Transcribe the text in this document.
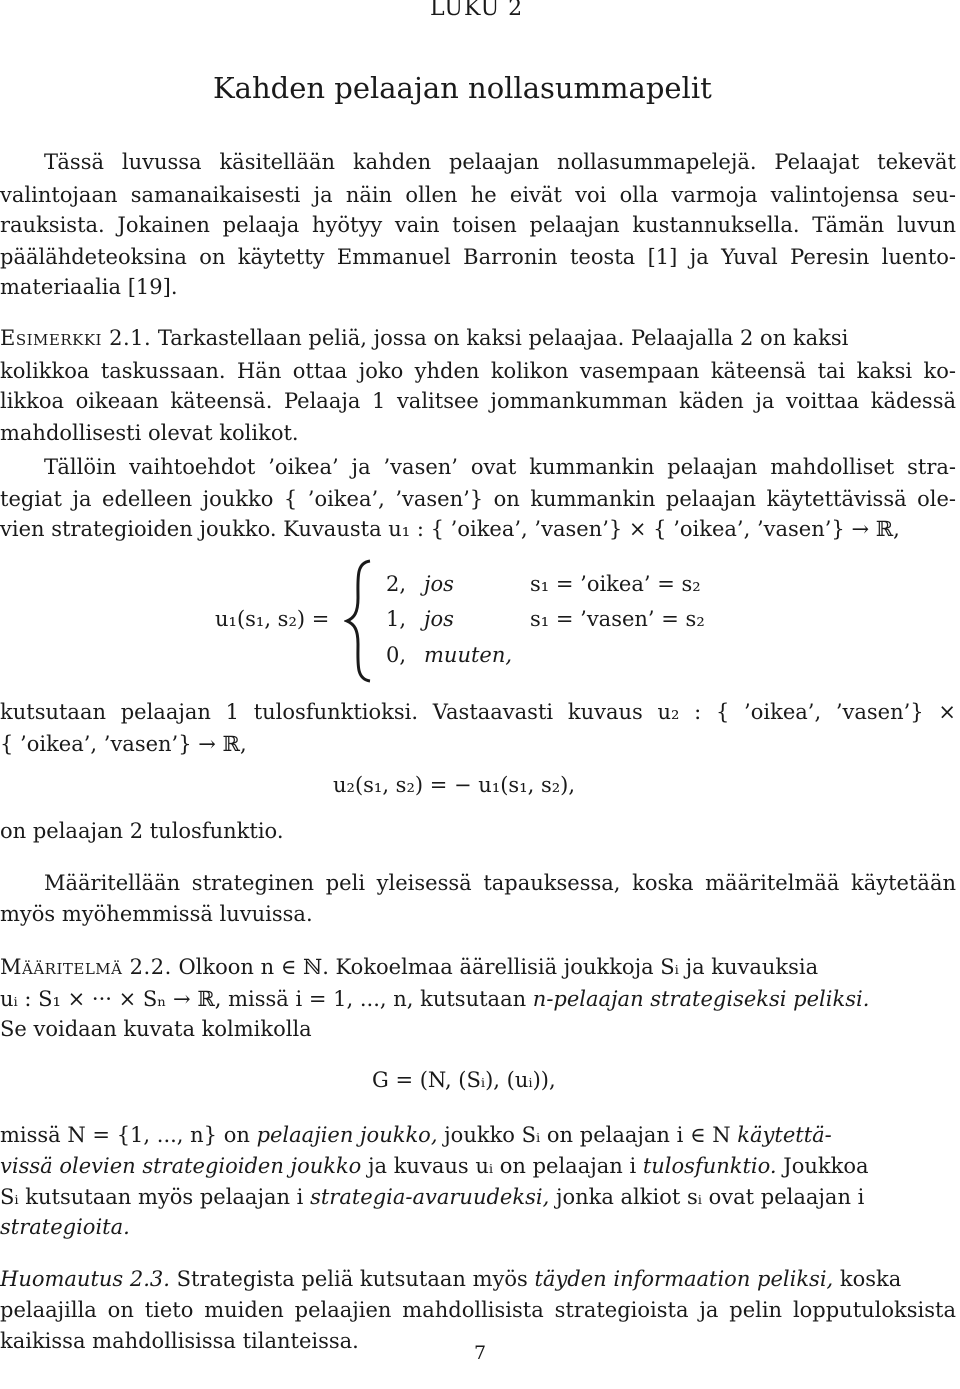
LUKU 2
Kahden pelaajan nollasummapelit
Tässä luvussa käsitellään kahden pelaajan nollasummapelejä. Pelaajat tekevät
valintojaan samanaikaisesti ja näin ollen he eivät voi olla varmoja valintojensa seu-
rauksista. Jokainen pelaaja hyötyy vain toisen pelaajan kustannuksella. Tämän luvun
päälähdeteoksina on käytetty Emmanuel Barronin teosta [1] ja Yuval Peresin luento-
materiaalia [19].
Esimerkki 2.1. Tarkastellaan peliä, jossa on kaksi pelaajaa. Pelaajalla 2 on kaksi
kolikkoa taskussaan. Hän ottaa joko yhden kolikon vasempaan käteensä tai kaksi ko-
likkoa oikeaan käteensä. Pelaaja 1 valitsee jommankumman käden ja voittaa kädessä
mahdollisesti olevat kolikot.
Tällöin vaihtoehdot ’oikea’ ja ’vasen’ ovat kummankin pelaajan mahdolliset stra-
tegiat ja edelleen joukko { ’oikea’, ’vasen’} on kummankin pelaajan käytettävissä ole-
vien strategioiden joukko. Kuvausta u₁ : { ’oikea’, ’vasen’} × { ’oikea’, ’vasen’} → ℝ,
u₁(s₁, s₂) =
2, jos	s₁ = ’oikea’ = s₂
1, jos	s₁ = ’vasen’ = s₂
0, muuten,
kutsutaan pelaajan 1 tulosfunktioksi. Vastaavasti kuvaus u₂ : { ’oikea’, ’vasen’} ×
{ ’oikea’, ’vasen’} → ℝ,
u₂(s₁, s₂) = − u₁(s₁, s₂),
on pelaajan 2 tulosfunktio.
Määritellään strateginen peli yleisessä tapauksessa, koska määritelmää käytetään
myös myöhemmissä luvuissa.
Määritelmä 2.2. Olkoon n ∈ ℕ. Kokoelmaa äärellisiä joukkoja Sᵢ ja kuvauksia
uᵢ : S₁ × ··· × Sₙ → ℝ, missä i = 1, ..., n, kutsutaan n-pelaajan strategiseksi peliksi.
Se voidaan kuvata kolmikolla
G = (N, (Sᵢ), (uᵢ)),
missä N = {1, ..., n} on pelaajien joukko, joukko Sᵢ on pelaajan i ∈ N käytettä-
vissä olevien strategioiden joukko ja kuvaus uᵢ on pelaajan i tulosfunktio. Joukkoa
Sᵢ kutsutaan myös pelaajan i strategia-avaruudeksi, jonka alkiot sᵢ ovat pelaajan i
strategioita.
Huomautus 2.3. Strategista peliä kutsutaan myös täyden informaation peliksi, koska
pelaajilla on tieto muiden pelaajien mahdollisista strategioista ja pelin lopputuloksista
kaikissa mahdollisissa tilanteissa.	7
